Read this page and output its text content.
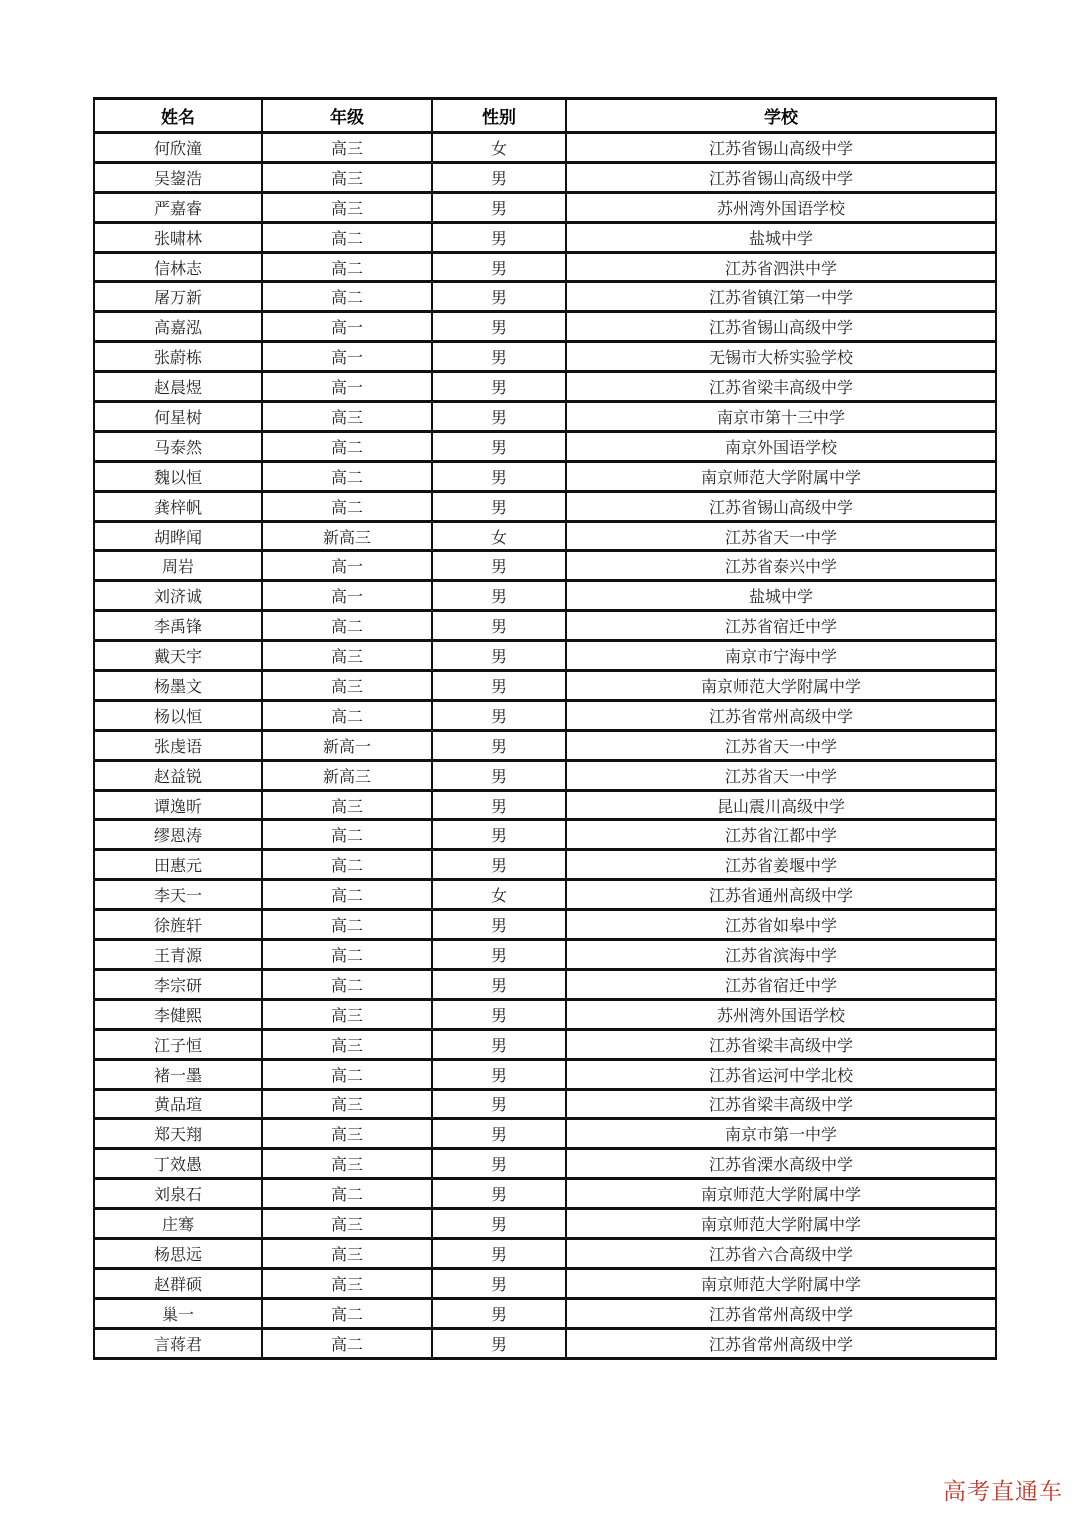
姓名	年级	性别	学校
何欣潼	高三	女	江苏省锡山高级中学
吴鋆浩	高三	男	江苏省锡山高级中学
严嘉睿	高三	男	苏州湾外国语学校
张啸林	高二	男	盐城中学
信林志	高二	男	江苏省泗洪中学
屠万新	高二	男	江苏省镇江第一中学
高嘉泓	高一	男	江苏省锡山高级中学
张蔚栋	高一	男	无锡市大桥实验学校
赵晨煜	高一	男	江苏省梁丰高级中学
何星树	高三	男	南京市第十三中学
马泰然	高二	男	南京外国语学校
魏以恒	高二	男	南京师范大学附属中学
龚梓帆	高二	男	江苏省锡山高级中学
胡晔闻	新高三	女	江苏省天一中学
周岩	高一	男	江苏省泰兴中学
刘济诚	高一	男	盐城中学
李禹锋	高二	男	江苏省宿迁中学
戴天宇	高三	男	南京市宁海中学
杨墨文	高三	男	南京师范大学附属中学
杨以恒	高二	男	江苏省常州高级中学
张虔语	新高一	男	江苏省天一中学
赵益锐	新高三	男	江苏省天一中学
谭逸昕	高三	男	昆山震川高级中学
缪恩涛	高二	男	江苏省江都中学
田惠元	高二	男	江苏省姜堰中学
李天一	高二	女	江苏省通州高级中学
徐旌轩	高二	男	江苏省如皋中学
王青源	高二	男	江苏省滨海中学
李宗研	高二	男	江苏省宿迁中学
李健熙	高三	男	苏州湾外国语学校
江子恒	高三	男	江苏省梁丰高级中学
褚一墨	高二	男	江苏省运河中学北校
黄品瑄	高三	男	江苏省梁丰高级中学
郑天翔	高三	男	南京市第一中学
丁效愚	高三	男	江苏省溧水高级中学
刘泉石	高二	男	南京师范大学附属中学
庄骞	高三	男	南京师范大学附属中学
杨思远	高三	男	江苏省六合高级中学
赵群硕	高三	男	南京师范大学附属中学
巢一	高二	男	江苏省常州高级中学
言蒋君	高二	男	江苏省常州高级中学
高考直通车
